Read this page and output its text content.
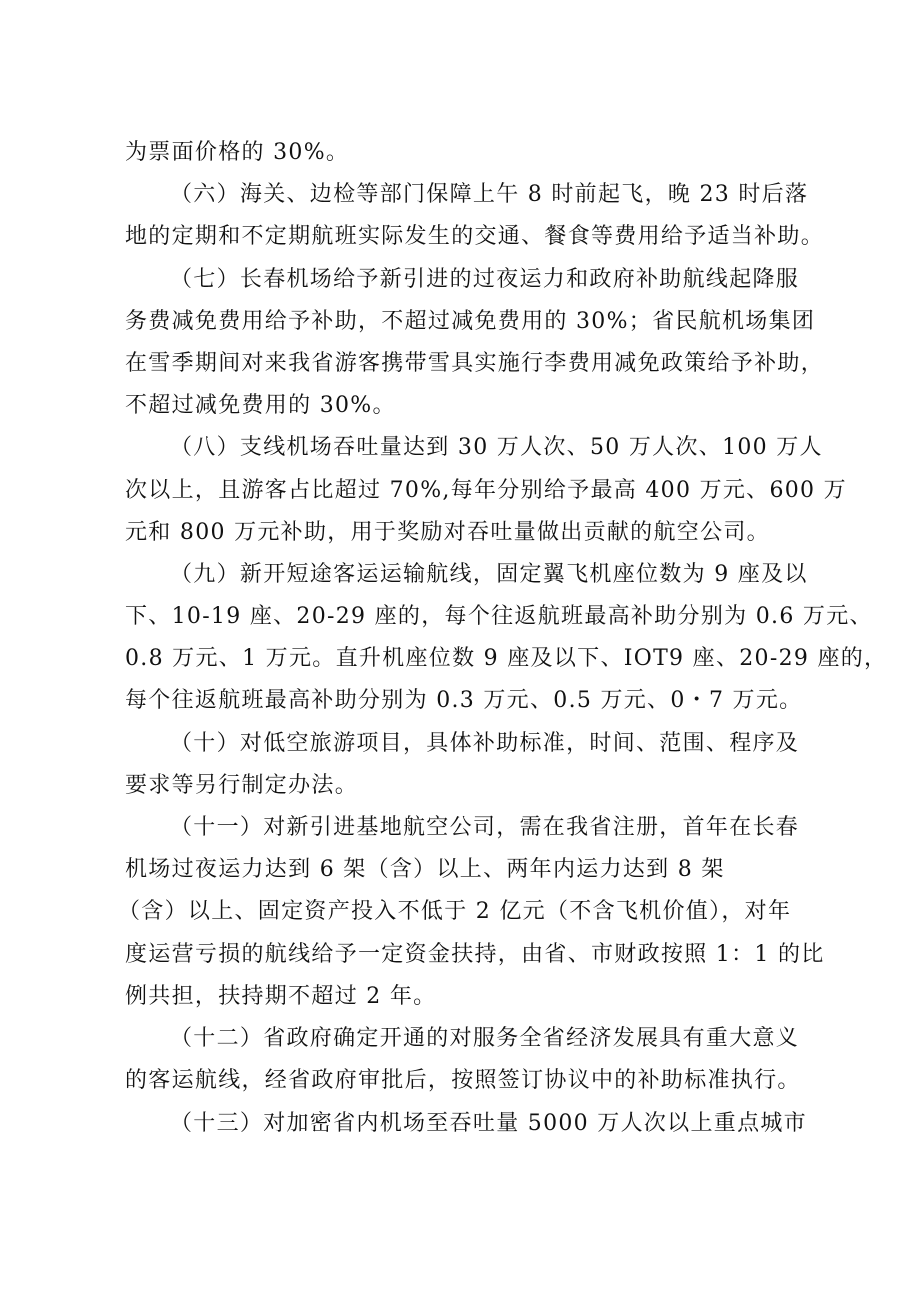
为票面价格的 30%。

（六）海关、边检等部门保障上午 8 时前起飞，晚 23 时后落

地的定期和不定期航班实际发生的交通、餐食等费用给予适当补助。

（七）长春机场给予新引进的过夜运力和政府补助航线起降服

务费减免费用给予补助，不超过减免费用的 30%；省民航机场集团

在雪季期间对来我省游客携带雪具实施行李费用减免政策给予补助，

不超过减免费用的 30%。

（八）支线机场吞吐量达到 30 万人次、50 万人次、100 万人

次以上，且游客占比超过 70%,每年分别给予最高 400 万元、600 万

元和 800 万元补助，用于奖励对吞吐量做出贡献的航空公司。

（九）新开短途客运运输航线，固定翼飞机座位数为 9 座及以

下、10-19 座、20-29 座的，每个往返航班最高补助分别为 0.6 万元、

0.8 万元、1 万元。直升机座位数 9 座及以下、IOT9 座、20-29 座的，

每个往返航班最高补助分别为 0.3 万元、0.5 万元、0・7 万元。

（十）对低空旅游项目，具体补助标准，时间、范围、程序及

要求等另行制定办法。

（十一）对新引进基地航空公司，需在我省注册，首年在长春

机场过夜运力达到 6 架（含）以上、两年内运力达到 8 架

（含）以上、固定资产投入不低于 2 亿元（不含飞机价值），对年

度运营亏损的航线给予一定资金扶持，由省、市财政按照 1：1 的比

例共担，扶持期不超过 2 年。

（十二）省政府确定开通的对服务全省经济发展具有重大意义

的客运航线，经省政府审批后，按照签订协议中的补助标准执行。

（十三）对加密省内机场至吞吐量 5000 万人次以上重点城市
